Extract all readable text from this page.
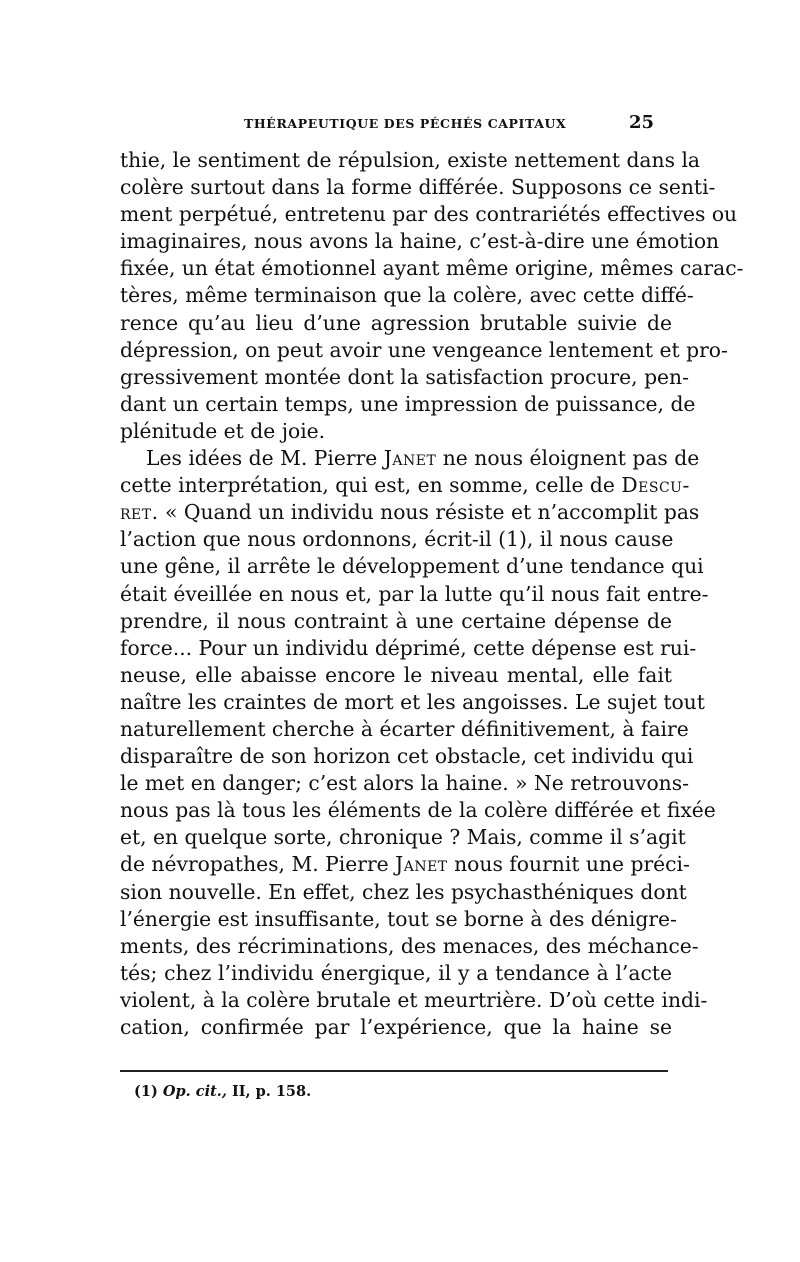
THÉRAPEUTIQUE DES PÉCHÉS CAPITAUX	25
thie, le sentiment de répulsion, existe nettement dans la
colère surtout dans la forme différée. Supposons ce senti-
ment perpétué, entretenu par des contrariétés effectives ou
imaginaires, nous avons la haine, c’est-à-dire une émotion
fixée, un état émotionnel ayant même origine, mêmes carac-
tères, même terminaison que la colère, avec cette diffé-
rence qu’au lieu d’une agression brutable suivie de
dépression, on peut avoir une vengeance lentement et pro-
gressivement montée dont la satisfaction procure, pen-
dant un certain temps, une impression de puissance, de
plénitude et de joie.
Les idées de M. Pierre Janet ne nous éloignent pas de
cette interprétation, qui est, en somme, celle de Descu-
ret. « Quand un individu nous résiste et n’accomplit pas
l’action que nous ordonnons, écrit-il (1), il nous cause
une gêne, il arrête le développement d’une tendance qui
était éveillée en nous et, par la lutte qu’il nous fait entre-
prendre, il nous contraint à une certaine dépense de
force... Pour un individu déprimé, cette dépense est rui-
neuse, elle abaisse encore le niveau mental, elle fait
naître les craintes de mort et les angoisses. Le sujet tout
naturellement cherche à écarter définitivement, à faire
disparaître de son horizon cet obstacle, cet individu qui
le met en danger; c’est alors la haine. » Ne retrouvons-
nous pas là tous les éléments de la colère différée et fixée
et, en quelque sorte, chronique ? Mais, comme il s’agit
de névropathes, M. Pierre Janet nous fournit une préci-
sion nouvelle. En effet, chez les psychasthéniques dont
l’énergie est insuffisante, tout se borne à des dénigre-
ments, des récriminations, des menaces, des méchance-
tés; chez l’individu énergique, il y a tendance à l’acte
violent, à la colère brutale et meurtrière. D’où cette indi-
cation, confirmée par l’expérience, que la haine se
(1) Op. cit., II, p. 158.
